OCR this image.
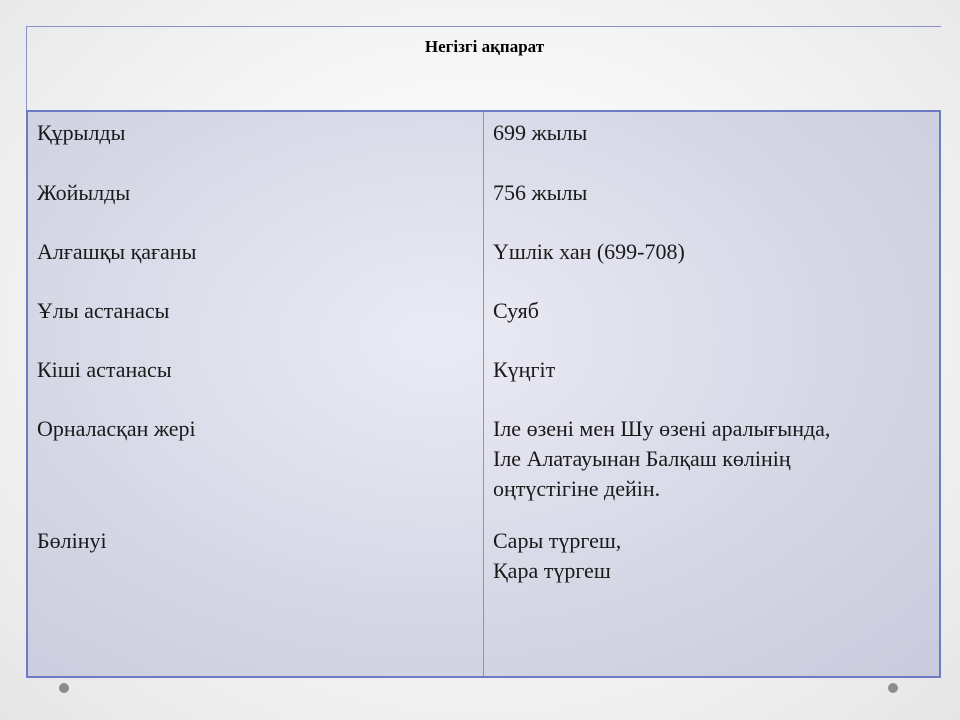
Негізгі ақпарат
Құрылды
Жойылды
Алғашқы қағаны
Ұлы астанасы
Кіші астанасы
Орналасқан жері
Бөлінуі
699 жылы
756 жылы
Үшлік хан (699-708)
Суяб
Күңгіт
Іле өзені мен Шу өзені аралығында,
Іле Алатауынан Балқаш көлінің
оңтүстігіне дейін.
Сары түргеш,
Қара түргеш
